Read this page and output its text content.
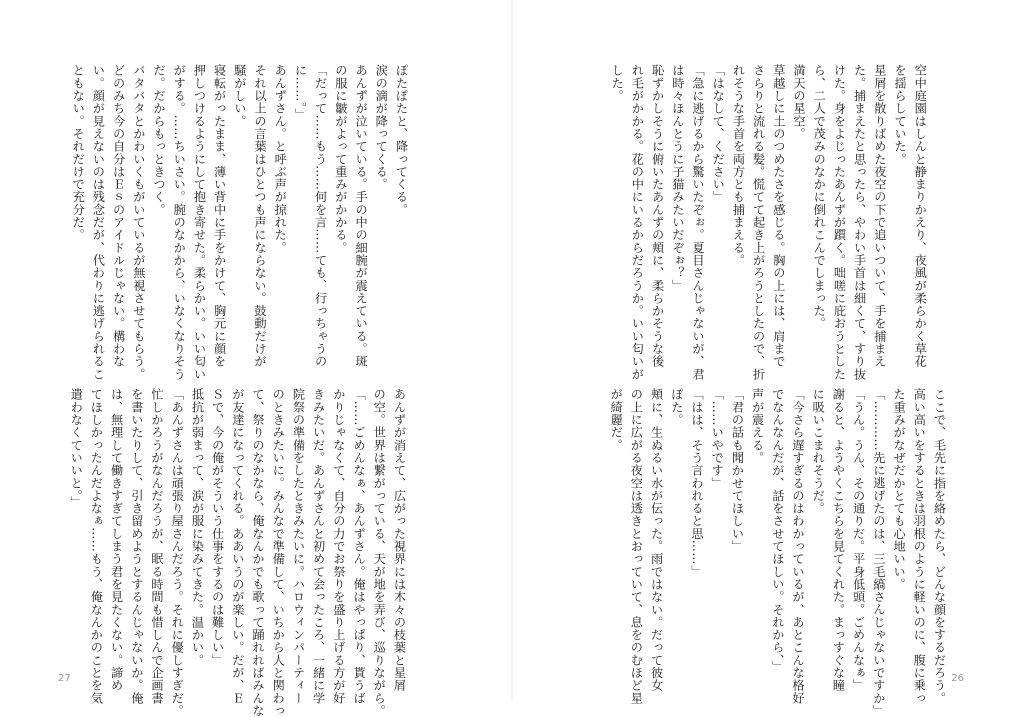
ぽたぽたと、降ってくる。
涙の滴が降ってくる。
あんずが泣いている。手の中の細腕が震えている。斑
の服に皺がよって重みがかかる。
「だって……もう……何を言……ても、行っちゃうの
に……。」
あんずさん。と呼ぶ声が掠れた。
それ以上の言葉はひとつも声にならない。鼓動だけが
騒がしい。
寝転がったまま、薄い背中に手をかけて、胸元に顔を
押しつけるようにして抱き寄せた。柔らかい。いい匂い
がする。……ちいさい。腕のなかから、いなくなりそう
だ。だからもっときつく。
バタバタとかわいくもがいているが無視させてもらう。
どのみち今の自分はＥｓのアイドルじゃない。構わな
い。顔が見えないのは残念だが、代わりに逃げられるこ
ともない。それだけで充分だ。
あんずが消えて、広がった視界には木々の枝葉と星屑
の空。世界は繋がっている、天が地を弄び、巡りながら。
「……ごめんなぁ、あんずさん。俺はやっぱり、貰うば
かりじゃなくて、自分の力でお祭りを盛り上げる方が好
きみたいだ。あんずさんと初めて会ったころ、一緒に学
院祭の準備をしたときみたいに。ハロウィンパーティー
のときみたいに。みんなで準備して、いちから人と関わっ
て、祭りのなかなら、俺なんかでも歌って踊れればみんな
が友達になってくれる。ああいうのが楽しい。だが、Ｅ
Ｓで、今の俺がそういう仕事をするのは難しい」
抵抗が弱まって、涙が服に染みてきた。温かい。
「あんずさんは頑張り屋さんだろう。それに優しすぎだ。
忙しかろうがなんだろうが、眠る時間も惜しんで企画書
を書いたりして、引き留めようとするんじゃないか。俺
は、無理して働きすぎてしまう君を見たくない。諦め
てほしかったんだよなぁ……もう、俺なんかのことを気
遣わなくていいと。」
27
空中庭園はしんと静まりかえり、夜風が柔らかく草花
を揺らしていた。
星屑を散りばめた夜空の下で追いついて、手を捕まえ
た。捕まえたと思ったら、やわい手首は細くて、すり抜
けた。身をよじったあんずが躓く。咄嗟に庇おうとした
ら、二人で茂みのなかに倒れこんでしまった。
満天の星空。
草越しに土のつめたさを感じる。胸の上には、肩まで
さらりと流れる髪。慌てて起き上がろうとしたので、折
れそうな手首を両方とも捕まえる。
「はなして、ください」
「急に逃げるから驚いたぞぉ。夏目さんじゃないが、君
は時々ほんとうに子猫みたいだぞぉ？」
恥ずかしそうに俯いたあんずの頬に、柔らかそうな後
れ毛がかかる。花の中にいるからだろうか。いい匂いが
した。
ここで、毛先に指を絡めたら、どんな顔をするだろう。
高い高いをするときは羽根のように軽いのに、腹に乗っ
た重みがなぜだかとても心地いい。
「…………先に逃げたのは、三毛縞さんじゃないですか」
「うん。うん、その通りだ。平身低頭。ごめんなぁ」
謝ると、ようやくこちらを見てくれた。まっすぐな瞳
に吸いこまれそうだ。
「今さら遅すぎるのはわかっているが、あとこんな格好
でなんなんだが、話をさせてほしい。それから、」
声が震える。
「君の話も聞かせてほしい」
「……いやです」
「はは、そう言われると思……」
ぽた。
頬に、生ぬるい水が伝った。雨ではない。だって彼女
の上に広がる夜空は透きとおっていて、息をのむほど星
が綺麗だ。
26
